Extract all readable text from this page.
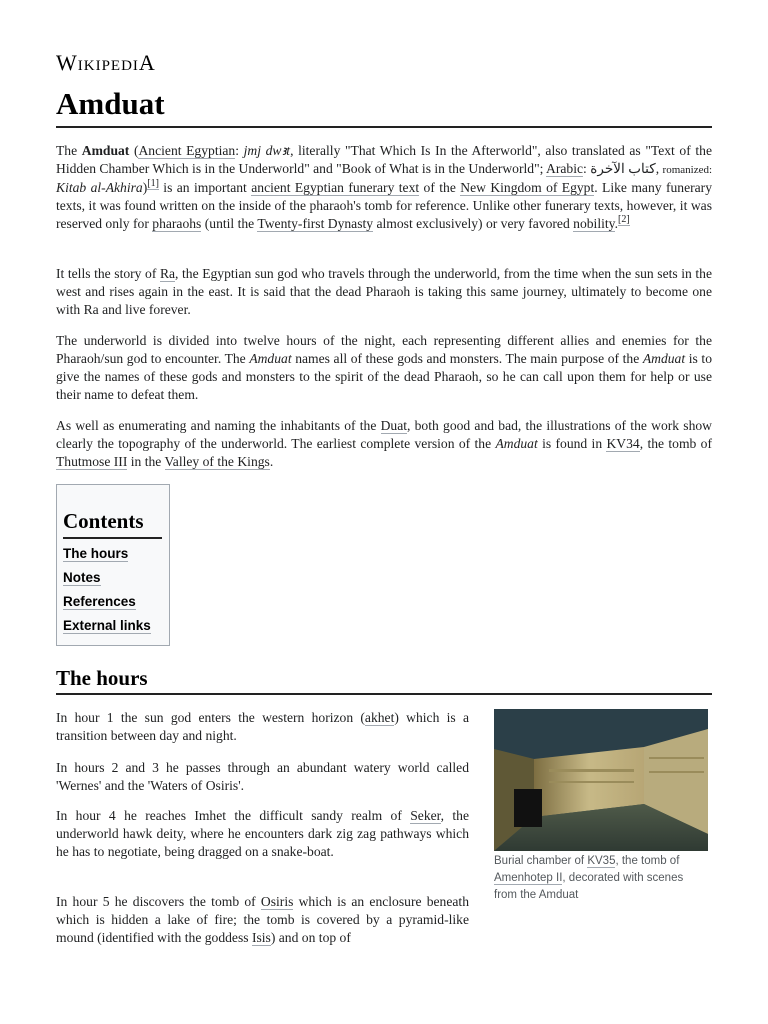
WikipediA
Amduat

The Amduat (Ancient Egyptian: jmj dwꜣt, literally "That Which Is In the Afterworld", also translated as "Text of the Hidden Chamber Which is in the Underworld" and "Book of What is in the Underworld"; Arabic: كتاب الآخرة, romanized: Kitab al-Akhira)[1] is an important ancient Egyptian funerary text of the New Kingdom of Egypt. Like many funerary texts, it was found written on the inside of the pharaoh's tomb for reference. Unlike other funerary texts, however, it was reserved only for pharaohs (until the Twenty-first Dynasty almost exclusively) or very favored nobility.[2]

It tells the story of Ra, the Egyptian sun god who travels through the underworld, from the time when the sun sets in the west and rises again in the east. It is said that the dead Pharaoh is taking this same journey, ultimately to become one with Ra and live forever.

The underworld is divided into twelve hours of the night, each representing different allies and enemies for the Pharaoh/sun god to encounter. The Amduat names all of these gods and monsters. The main purpose of the Amduat is to give the names of these gods and monsters to the spirit of the dead Pharaoh, so he can call upon them for help or use their name to defeat them.

As well as enumerating and naming the inhabitants of the Duat, both good and bad, the illustrations of the work show clearly the topography of the underworld. The earliest complete version of the Amduat is found in KV34, the tomb of Thutmose III in the Valley of the Kings.

Contents
The hours
Notes
References
External links
The hours

In hour 1 the sun god enters the western horizon (akhet) which is a transition between day and night.

In hours 2 and 3 he passes through an abundant watery world called 'Wernes' and the 'Waters of Osiris'.

In hour 4 he reaches Imhet the difficult sandy realm of Seker, the underworld hawk deity, where he encounters dark zig zag pathways which he has to negotiate, being dragged on a snake-boat.

In hour 5 he discovers the tomb of Osiris which is an enclosure beneath which is hidden a lake of fire; the tomb is covered by a pyramid-like mound (identified with the goddess Isis) and on top of

Burial chamber of KV35, the tomb of Amenhotep II, decorated with scenes from the Amduat
